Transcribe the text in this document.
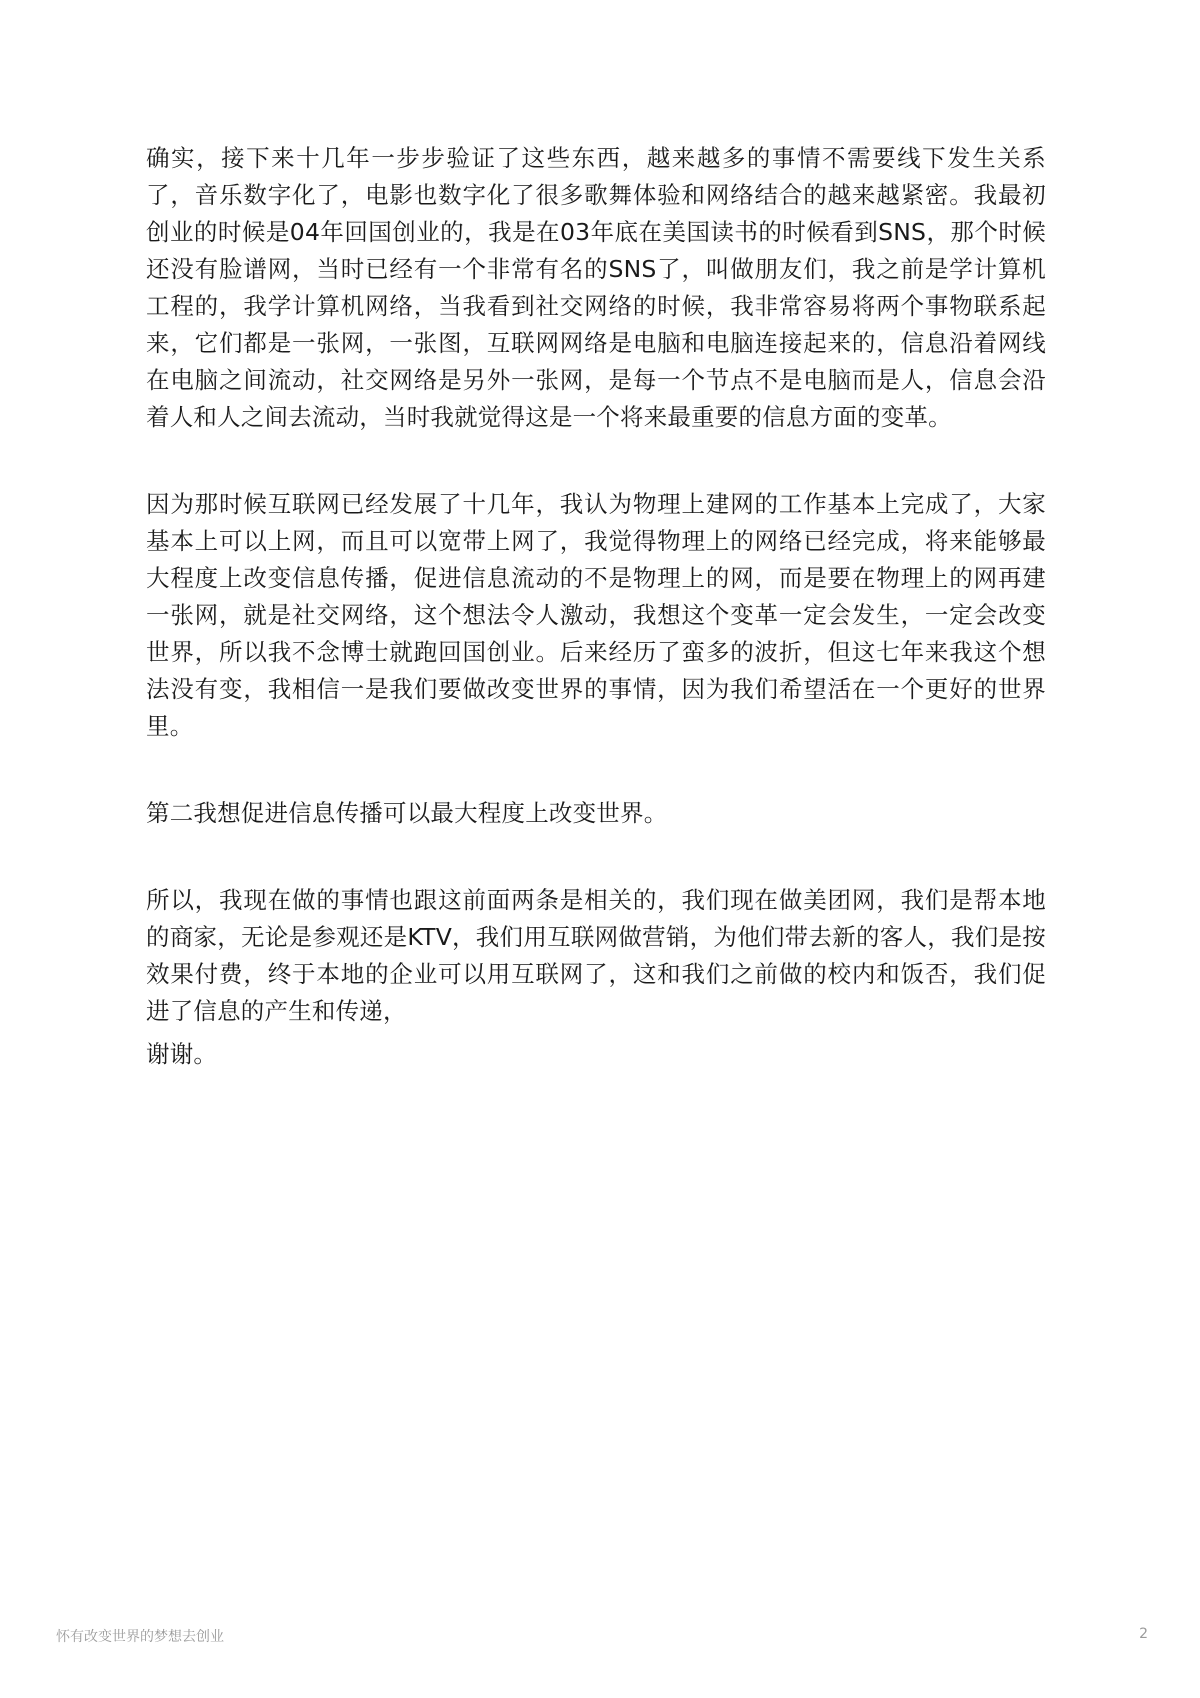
确实，接下来十几年一步步验证了这些东西，越来越多的事情不需要线下发生关系了，音乐数字化了，电影也数字化了很多歌舞体验和网络结合的越来越紧密。我最初创业的时候是04年回国创业的，我是在03年底在美国读书的时候看到SNS，那个时候还没有脸谱网，当时已经有一个非常有名的SNS了，叫做朋友们，我之前是学计算机工程的，我学计算机网络，当我看到社交网络的时候，我非常容易将两个事物联系起来，它们都是一张网，一张图，互联网网络是电脑和电脑连接起来的，信息沿着网线在电脑之间流动，社交网络是另外一张网，是每一个节点不是电脑而是人，信息会沿着人和人之间去流动，当时我就觉得这是一个将来最重要的信息方面的变革。

因为那时候互联网已经发展了十几年，我认为物理上建网的工作基本上完成了，大家基本上可以上网，而且可以宽带上网了，我觉得物理上的网络已经完成，将来能够最大程度上改变信息传播，促进信息流动的不是物理上的网，而是要在物理上的网再建一张网，就是社交网络，这个想法令人激动，我想这个变革一定会发生，一定会改变世界，所以我不念博士就跑回国创业。后来经历了蛮多的波折，但这七年来我这个想法没有变，我相信一是我们要做改变世界的事情，因为我们希望活在一个更好的世界里。

第二我想促进信息传播可以最大程度上改变世界。

所以，我现在做的事情也跟这前面两条是相关的，我们现在做美团网，我们是帮本地的商家，无论是参观还是KTV，我们用互联网做营销，为他们带去新的客人，我们是按效果付费，终于本地的企业可以用互联网了，这和我们之前做的校内和饭否，我们促进了信息的产生和传递，

谢谢。

怀有改变世界的梦想去创业	2
